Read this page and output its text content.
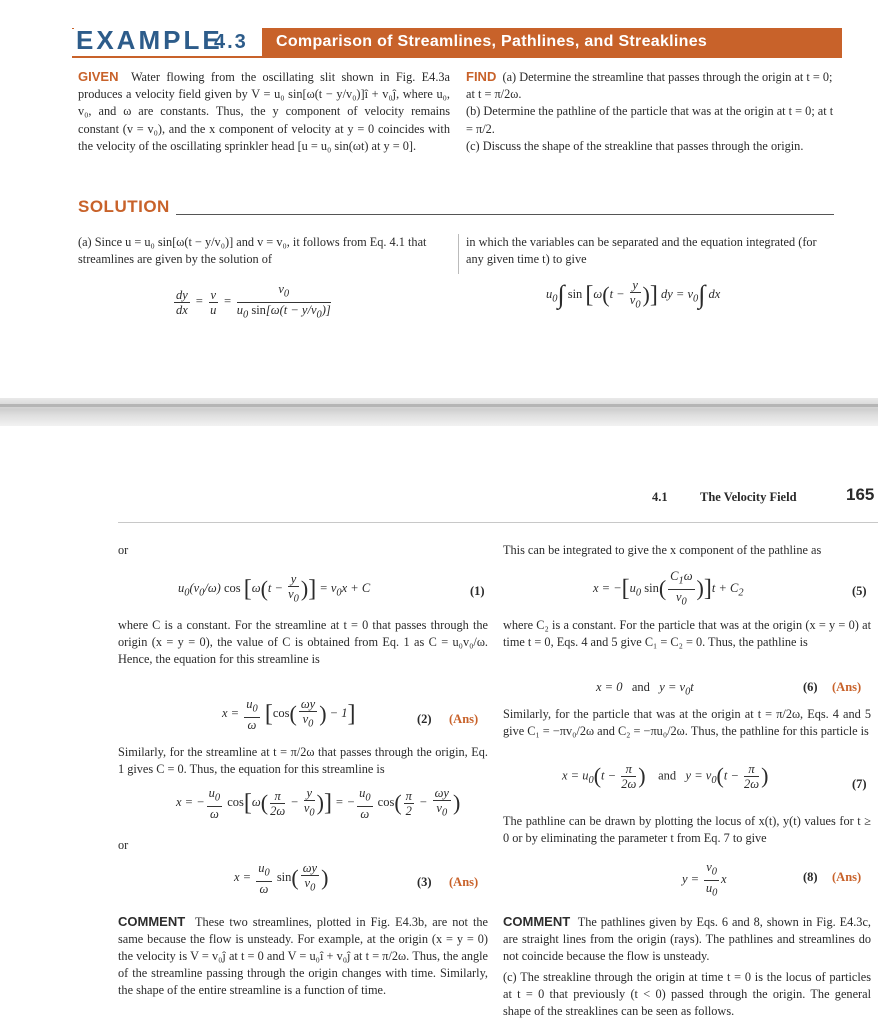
EXAMPLE
4.3	Comparison of Streamlines, Pathlines, and Streaklines
GIVEN Water flowing from the oscillating slit shown in Fig. E4.3a produces a velocity field given by V = u₀ sin[ω(t − y/v₀)]î + v₀ĵ, where u₀, v₀, and ω are constants. Thus, the y component of velocity remains constant (v = v₀), and the x component of velocity at y = 0 coincides with the velocity of the oscillating sprinkler head [u = u₀ sin(ωt) at y = 0].
FIND (a) Determine the streamline that passes through the origin at t = 0; at t = π/2ω.
(b) Determine the pathline of the particle that was at the origin at t = 0; at t = π/2.
(c) Discuss the shape of the streakline that passes through the origin.
SOLUTION
(a) Since u = u₀ sin[ω(t − y/v₀)] and v = v₀, it follows from Eq. 4.1 that streamlines are given by the solution of
in which the variables can be separated and the equation integrated (for any given time t) to give
$\frac{dy}{dx} = \frac{v}{u} = \frac{v_0}{u_0 \sin[\omega(t - y/v_0)]}$	$u_0\int$ $\sin [\omega(t - \frac{y}{v_0}$ )] dy = $v_0\int$ dx
4.1	The Velocity Field	165
or
$u_0(v_0/\omega)$ $\cos [\omega(t - \frac{y}{v_0}$ )] = $v_0x + C$	(1)
where C is a constant. For the streamline at t = 0 that passes through the origin (x = y = 0), the value of C is obtained from Eq. 1 as C = u₀v₀/ω. Hence, the equation for this streamline is
$x = \frac{u_0}{\omega} [\cos( \frac{\omega y}{v_0}$ ) − 1]	(2) (Ans)
Similarly, for the streamline at t = π/2ω that passes through the origin, Eq. 1 gives C = 0. Thus, the equation for this streamline is
x = − $\frac{u_0}{\omega} \cos[\omega( \frac{\pi}{2\omega} - \frac{y}{v_0}$ )] = − $\frac{u_0}{\omega} \cos( \frac{\pi}{2} - \frac{\omega y}{v_0}$ )
or
$x = \frac{u_0}{\omega} \sin( \frac{\omega y}{v_0}$ )	(3) (Ans)
COMMENT These two streamlines, plotted in Fig. E4.3b, are not the same because the flow is unsteady. For example, at the origin (x = y = 0) the velocity is V = v₀ĵ at t = 0 and V = u₀î + v₀ĵ at t = π/2ω. Thus, the angle of the streamline passing through the origin changes with time. Similarly, the shape of the entire streamline is a function of time.
This can be integrated to give the x component of the pathline as
$x = -[u_0$ $\sin( \frac{C_1\omega}{v_0} )]t + C_2$	(5)
where C₂ is a constant. For the particle that was at the origin (x = y = 0) at time t = 0, Eqs. 4 and 5 give C₁ = C₂ = 0. Thus, the pathline is
x = 0   and   $y = v_0t$	(6) (Ans)
Similarly, for the particle that was at the origin at t = π/2ω, Eqs. 4 and 5 give C₁ = −πv₀/2ω and C₂ = −πu₀/2ω. Thus, the pathline for this particle is
$x = u_0(t - \frac{\pi}{2\omega}$ ) and   $y = v_0(t - \frac{\pi}{2\omega}$ )	(7)
The pathline can be drawn by plotting the locus of x(t), y(t) values for t ≥ 0 or by eliminating the parameter t from Eq. 7 to give
$y = \frac{v_0}{u_0}$ x	(8) (Ans)
COMMENT The pathlines given by Eqs. 6 and 8, shown in Fig. E4.3c, are straight lines from the origin (rays). The pathlines and streamlines do not coincide because the flow is unsteady.
(c) The streakline through the origin at time t = 0 is the locus of particles at t = 0 that previously (t < 0) passed through the origin. The general shape of the streaklines can be seen as follows.
